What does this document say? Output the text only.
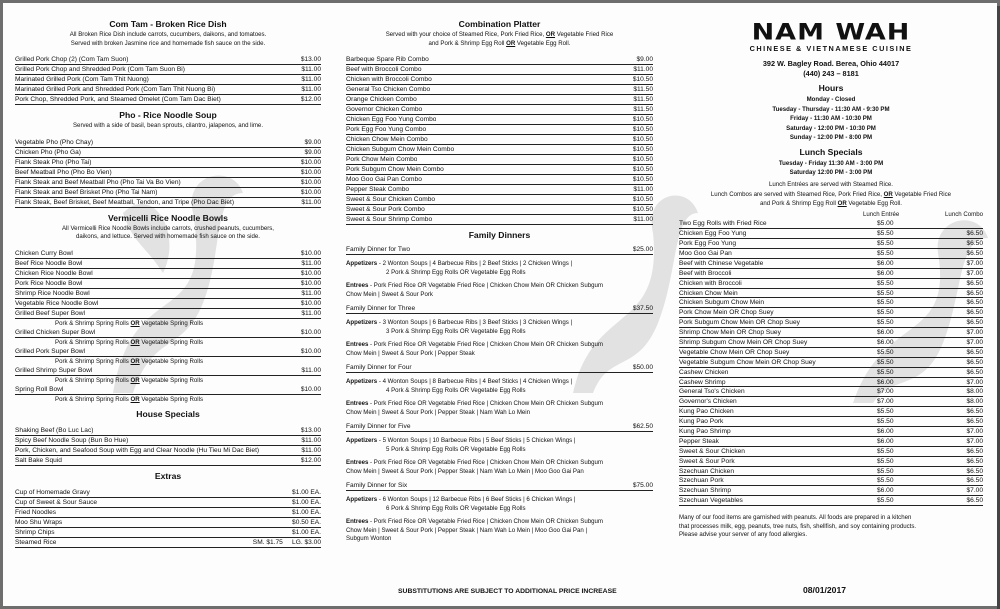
Com Tam - Broken Rice Dish
All Broken Rice Dish include carrots, cucumbers, daikons, and tomatoes.
Served with broken Jasmine rice and homemade fish sauce on the side.
Grilled Pork Chop (2) (Com Tam Suon)	$13.00
Grilled Pork Chop and Shredded Pork (Com Tam Suon Bi)	$11.00
Marinated Grilled Pork (Com Tam Thit Nuong)	$11.00
Marinated Grilled Pork and Shredded Pork (Com Tam Thit Nuong Bi)	$11.00
Pork Chop, Shredded Pork, and Steamed Omelet (Com Tam Dac Biet)	$12.00
Pho - Rice Noodle Soup
Served with a side of basil, bean sprouts, cilantro, jalapenos, and lime.
Vegetable Pho (Pho Chay)	$9.00
Chicken Pho (Pho Ga)	$9.00
Flank Steak Pho (Pho Tai)	$10.00
Beef Meatball Pho (Pho Bo Vien)	$10.00
Flank Steak and Beef Meatball Pho (Pho Tai Va Bo Vien)	$10.00
Flank Steak and Beef Brisket Pho (Pho Tai Nam)	$10.00
Flank Steak, Beef Brisket, Beef Meatball, Tendon, and Tripe (Pho Dac Biet)	$11.00
Vermicelli Rice Noodle Bowls
All Vermicelli Rice Noodle Bowls include carrots, crushed peanuts, cucumbers,
daikons, and lettuce. Served with homemade fish sauce on the side.
Chicken Curry Bowl	$10.00
Beef Rice Noodle Bowl	$11.00
Chicken Rice Noodle Bowl	$10.00
Pork Rice Noodle Bowl	$10.00
Shrimp Rice Noodle Bowl	$11.00
Vegetable Rice Noodle Bowl	$10.00
Grilled Beef Super Bowl	$11.00
Pork & Shrimp Spring Rolls OR Vegetable Spring Rolls
Grilled Chicken Super Bowl	$10.00
Pork & Shrimp Spring Rolls OR Vegetable Spring Rolls
Grilled Pork Super Bowl	$10.00
Pork & Shrimp Spring Rolls OR Vegetable Spring Rolls
Grilled Shrimp Super Bowl	$11.00
Pork & Shrimp Spring Rolls OR Vegetable Spring Rolls
Spring Roll Bowl	$10.00
Pork & Shrimp Spring Rolls OR Vegetable Spring Rolls
House Specials
Shaking Beef (Bo Luc Lac)	$13.00
Spicy Beef Noodle Soup (Bun Bo Hue)	$11.00
Pork, Chicken, and Seafood Soup with Egg and Clear Noodle (Hu Tieu Mi Dac Biet)	$11.00
Salt Bake Squid	$12.00
Extras
Cup of Homemade Gravy	$1.00 EA.
Cup of Sweet & Sour Sauce	$1.00 EA.
Fried Noodles	$1.00 EA.
Moo Shu Wraps	$0.50 EA.
Shrimp Chips	$1.00 EA.
Steamed Rice	SM. $1.75 LG. $3.00
Combination Platter
Served with your choice of Steamed Rice, Pork Fried Rice, OR Vegetable Fried Rice
and Pork & Shrimp Egg Roll OR Vegetable Egg Roll.
Barbeque Spare Rib Combo	$9.00
Beef with Broccoli Combo	$11.00
Chicken with Broccoli Combo	$10.50
General Tso Chicken Combo	$11.50
Orange Chicken Combo	$11.50
Governor Chicken Combo	$11.50
Chicken Egg Foo Yung Combo	$10.50
Pork Egg Foo Yung Combo	$10.50
Chicken Chow Mein Combo	$10.50
Chicken Subgum Chow Mein Combo	$10.50
Pork Chow Mein Combo	$10.50
Pork Subgum Chow Mein Combo	$10.50
Moo Goo Gai Pan Combo	$10.50
Pepper Steak Combo	$11.00
Sweet & Sour Chicken Combo	$10.50
Sweet & Sour Pork Combo	$10.50
Sweet & Sour Shrimp Combo	$11.00
Family Dinners
Family Dinner for Two	$25.00
Appetizers - 2 Wonton Soups | 4 Barbecue Ribs | 2 Beef Sticks | 2 Chicken Wings |
2 Pork & Shrimp Egg Rolls OR Vegetable Egg Rolls
Entrees - Pork Fried Rice OR Vegetable Fried Rice | Chicken Chow Mein OR Chicken Subgum
Chow Mein | Sweet & Sour Pork
Family Dinner for Three	$37.50
Appetizers - 3 Wonton Soups | 6 Barbecue Ribs | 3 Beef Sticks | 3 Chicken Wings |
3 Pork & Shrimp Egg Rolls OR Vegetable Egg Rolls
Entrees - Pork Fried Rice OR Vegetable Fried Rice | Chicken Chow Mein OR Chicken Subgum
Chow Mein | Sweet & Sour Pork | Pepper Steak
Family Dinner for Four	$50.00
Appetizers - 4 Wonton Soups | 8 Barbecue Ribs | 4 Beef Sticks | 4 Chicken Wings |
4 Pork & Shrimp Egg Rolls OR Vegetable Egg Rolls
Entrees - Pork Fried Rice OR Vegetable Fried Rice | Chicken Chow Mein OR Chicken Subgum
Chow Mein | Sweet & Sour Pork | Pepper Steak | Nam Wah Lo Mein
Family Dinner for Five	$62.50
Appetizers - 5 Wonton Soups | 10 Barbecue Ribs | 5 Beef Sticks | 5 Chicken Wings |
5 Pork & Shrimp Egg Rolls OR Vegetable Egg Rolls
Entrees - Pork Fried Rice OR Vegetable Fried Rice | Chicken Chow Mein OR Chicken Subgum
Chow Mein | Sweet & Sour Pork | Pepper Steak | Nam Wah Lo Mein | Moo Goo Gai Pan
Family Dinner for Six	$75.00
Appetizers - 6 Wonton Soups | 12 Barbecue Ribs | 6 Beef Sticks | 6 Chicken Wings |
6 Pork & Shrimp Egg Rolls OR Vegetable Egg Rolls
Entrees - Pork Fried Rice OR Vegetable Fried Rice | Chicken Chow Mein OR Chicken Subgum
Chow Mein | Sweet & Sour Pork | Pepper Steak | Nam Wah Lo Mein | Moo Goo Gai Pan |
Subgum Wonton
SUBSTITUTIONS ARE SUBJECT TO ADDITIONAL PRICE INCREASE
NAM WAH
CHINESE & VIETNAMESE CUISINE
392 W. Bagley Road. Berea, Ohio 44017
(440) 243 – 8181
Hours
Monday - Closed
Tuesday - Thursday - 11:30 AM - 9:30 PM
Friday - 11:30 AM - 10:30 PM
Saturday - 12:00 PM - 10:30 PM
Sunday - 12:00 PM - 8:00 PM
Lunch Specials
Tuesday - Friday 11:30 AM - 3:00 PM
Saturday 12:00 PM - 3:00 PM
Lunch Entrées are served with Steamed Rice.
Lunch Combos are served with Steamed Rice, Pork Fried Rice, OR Vegetable Fried Rice
and Pork & Shrimp Egg Roll OR Vegetable Egg Roll.
Lunch Entrée	Lunch Combo
Two Egg Rolls with Fried Rice	$5.00
Chicken Egg Foo Yung	$5.50	$6.50
Pork Egg Foo Yung	$5.50	$6.50
Moo Goo Gai Pan	$5.50	$6.50
Beef with Chinese Vegetable	$6.00	$7.00
Beef with Broccoli	$6.00	$7.00
Chicken with Broccoli	$5.50	$6.50
Chicken Chow Mein	$5.50	$6.50
Chicken Subgum Chow Mein	$5.50	$6.50
Pork Chow Mein OR Chop Suey	$5.50	$6.50
Pork Subgum Chow Mein OR Chop Suey	$5.50	$6.50
Shrimp Chow Mein OR Chop Suey	$6.00	$7.00
Shrimp Subgum Chow Mein OR Chop Suey	$6.00	$7.00
Vegetable Chow Mein OR Chop Suey	$5.50	$6.50
Vegetable Subgum Chow Mein OR Chop Suey	$5.50	$6.50
Cashew Chicken	$5.50	$6.50
Cashew Shrimp	$6.00	$7.00
General Tso's Chicken	$7.00	$8.00
Governor's Chicken	$7.00	$8.00
Kung Pao Chicken	$5.50	$6.50
Kung Pao Pork	$5.50	$6.50
Kung Pao Shrimp	$6.00	$7.00
Pepper Steak	$6.00	$7.00
Sweet & Sour Chicken	$5.50	$6.50
Sweet & Sour Pork	$5.50	$6.50
Szechuan Chicken	$5.50	$6.50
Szechuan Pork	$5.50	$6.50
Szechuan Shrimp	$6.00	$7.00
Szechuan Vegetables	$5.50	$6.50
Many of our food items are garnished with peanuts. All foods are prepared in a kitchen
that processes milk, egg, peanuts, tree nuts, fish, shellfish, and soy containing products.
Please advise your server of any food allergies.
08/01/2017
